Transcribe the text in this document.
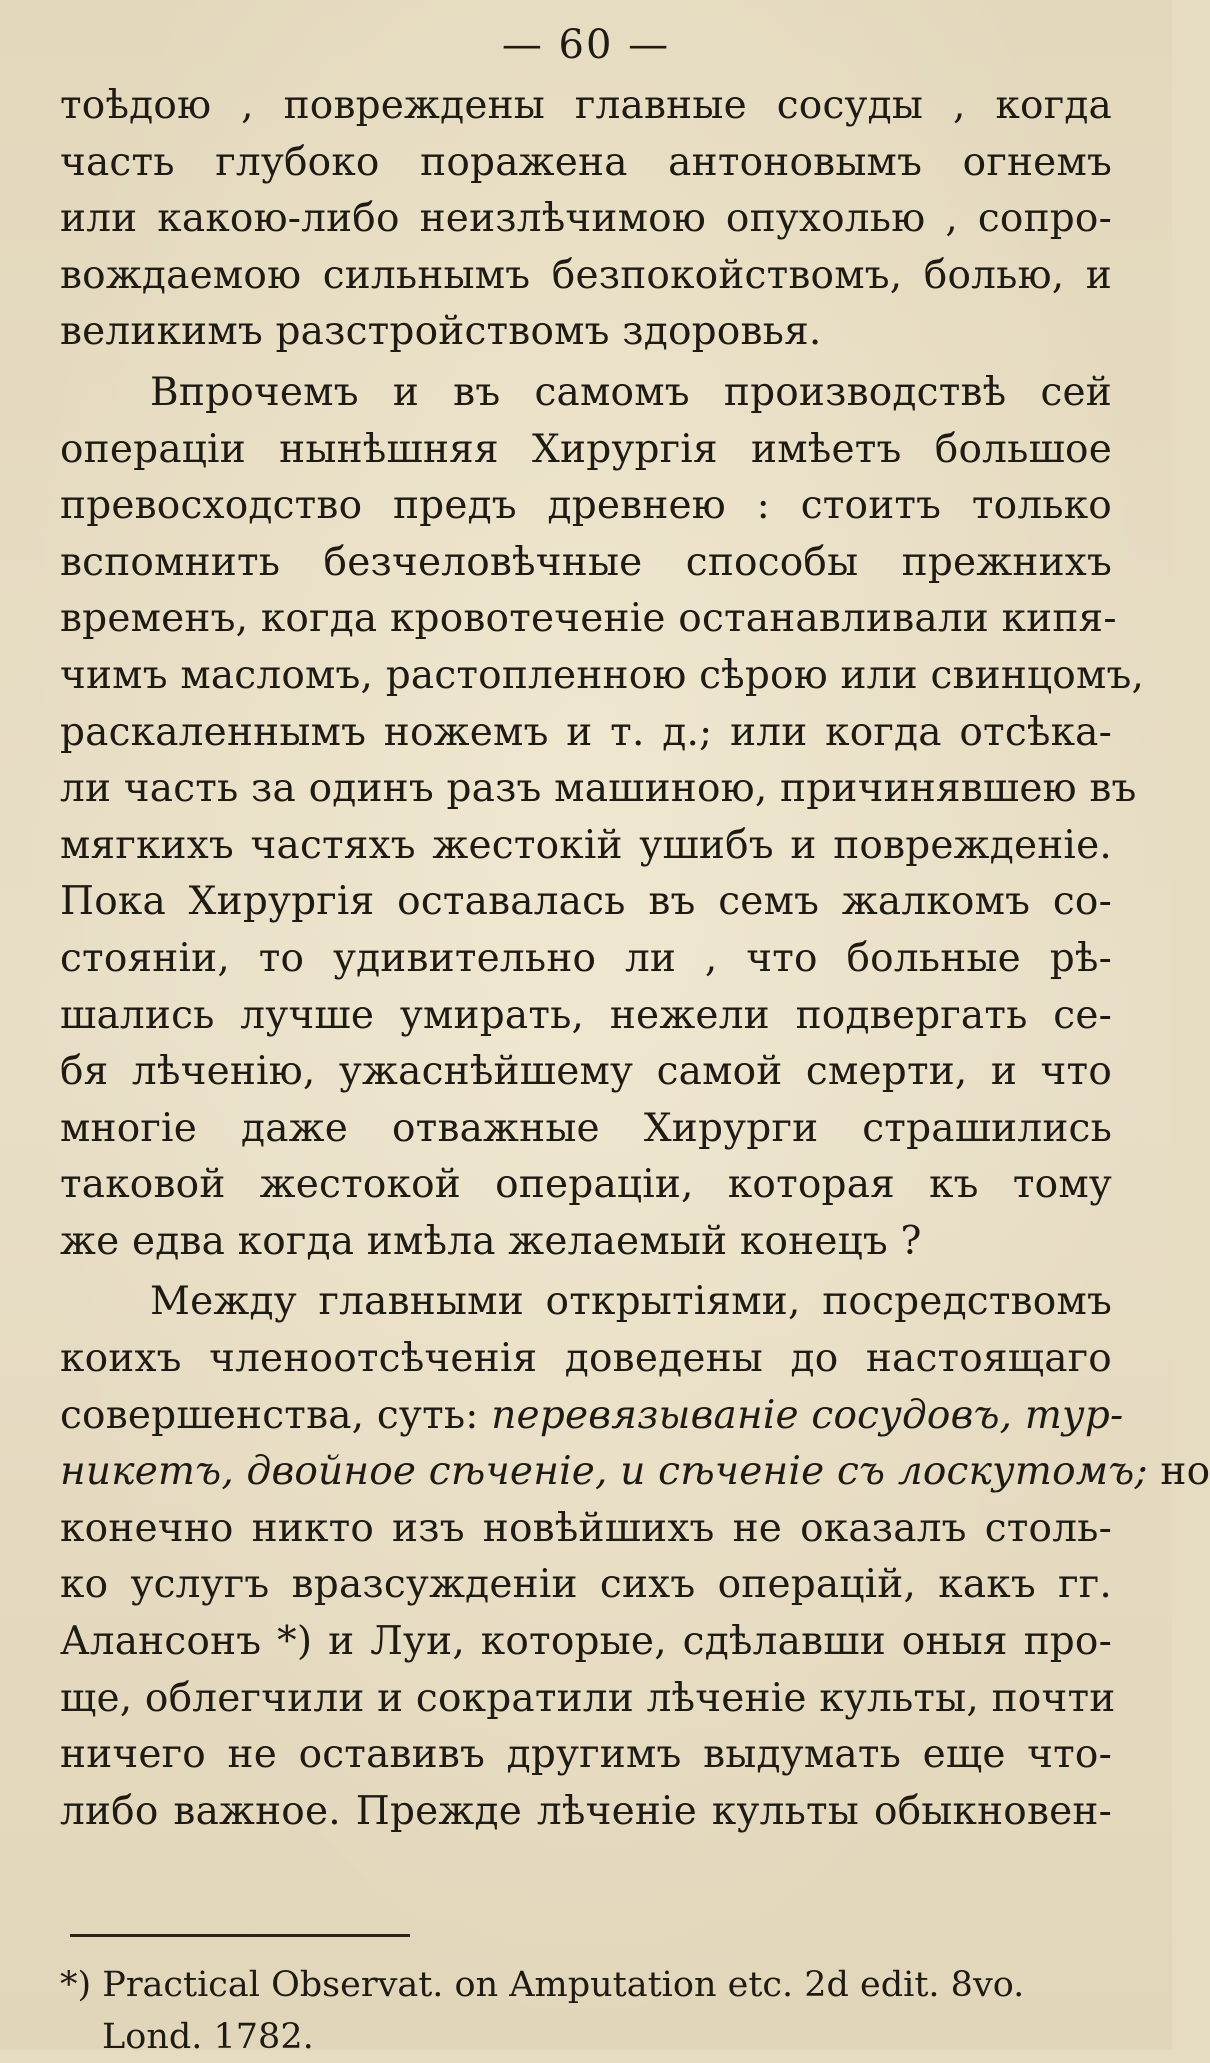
— 60 —
тоѣдою , повреждены главные сосуды , когда
часть глубоко поражена антоновымъ огнемъ
или какою-либо неизлѣчимою опухолью , сопро-
вождаемою сильнымъ безпокойствомъ, болью, и
великимъ разстройствомъ здоровья.
Впрочемъ и въ самомъ производствѣ сей
операціи нынѣшняя Хирургія имѣетъ большое
превосходство предъ древнею : стоитъ только
вспомнить безчеловѣчные способы прежнихъ
временъ, когда кровотеченіе останавливали кипя-
чимъ масломъ, растопленною сѣрою или свинцомъ,
раскаленнымъ ножемъ и т. д.; или когда отсѣка-
ли часть за одинъ разъ машиною, причинявшею въ
мягкихъ частяхъ жестокій ушибъ и поврежденіе.
Пока Хирургія оставалась въ семъ жалкомъ со-
стояніи, то удивительно ли , что больные рѣ-
шались лучше умирать, нежели подвергать се-
бя лѣченію, ужаснѣйшему самой смерти, и что
многіе даже отважные Хирурги страшились
таковой жестокой операціи, которая къ тому
же едва когда имѣла желаемый конецъ ?
Между главными открытіями, посредствомъ
коихъ членоотсѣченія доведены до настоящаго
совершенства, суть: перевязываніе сосудовъ, тур-
никетъ, двойное сѣченіе, и сѣченіе съ лоскутомъ; но
конечно никто изъ новѣйшихъ не оказалъ столь-
ко услугъ вразсужденіи сихъ операцій, какъ гг.
Алансонъ *) и Луи, которые, сдѣлавши оныя про-
ще, облегчили и сократили лѣченіе культы, почти
ничего не оставивъ другимъ выдумать еще что-
либо важное. Прежде лѣченіе культы обыкновен-
*) Practical Observat. on Amputation etc. 2d edit. 8vo.
Lond. 1782.
